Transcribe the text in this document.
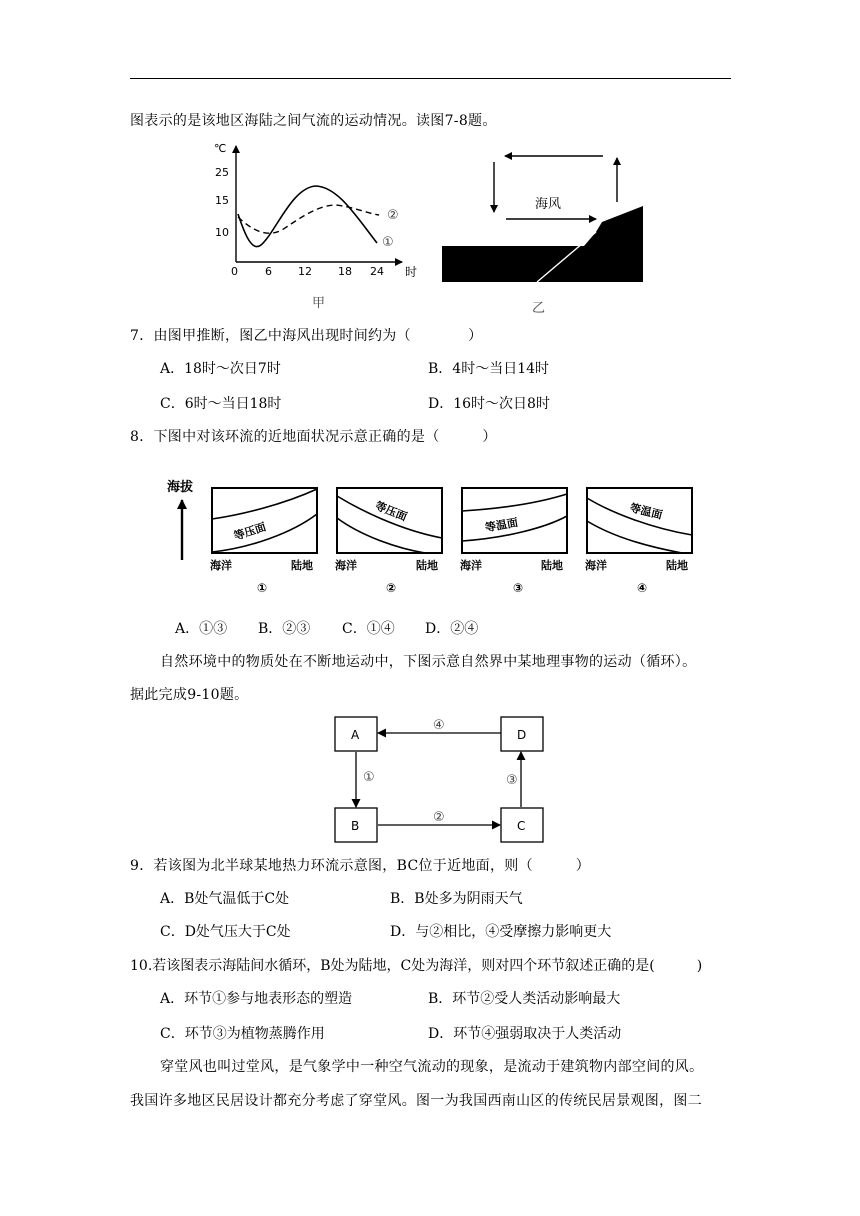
图表示的是该地区海陆之间气流的运动情况。读图7-8题。
℃
25
15
10
0 6 12 18 24 时
②
①
甲
海风
乙
7．由图甲推断，图乙中海风出现时间约为（　　　　）
A．18时～次日7时	B．4时～当日14时
C．6时～当日18时	D．16时～次日8时
8．下图中对该环流的近地面状况示意正确的是（　　　）
海拔
等压面
海洋	陆地
①
等压面
海洋	陆地
②
等温面
海洋	陆地
③
等温面
海洋	陆地
④
A．①③ B．②③ C．①④ D．②④
自然环境中的物质处在不断地运动中，下图示意自然界中某地理事物的运动（循环）。
据此完成9-10题。
A
B	C
D
④
①
②
③
9．若该图为北半球某地热力环流示意图，BC位于近地面，则（　　　）
A．B处气温低于C处	B．B处多为阴雨天气
C．D处气压大于C处	D．与②相比，④受摩擦力影响更大
10.若该图表示海陆间水循环，B处为陆地，C处为海洋，则对四个环节叙述正确的是(　　　)
A．环节①参与地表形态的塑造	B．环节②受人类活动影响最大
C．环节③为植物蒸腾作用	D．环节④强弱取决于人类活动
穿堂风也叫过堂风，是气象学中一种空气流动的现象，是流动于建筑物内部空间的风。
我国许多地区民居设计都充分考虑了穿堂风。图一为我国西南山区的传统民居景观图，图二
